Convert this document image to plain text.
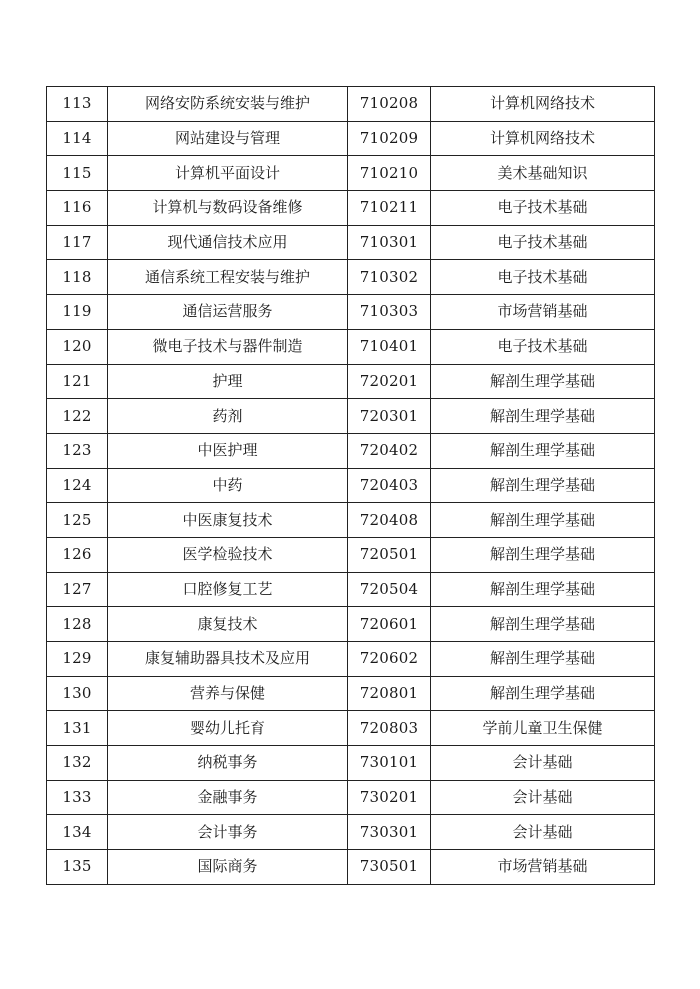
113	网络安防系统安装与维护	710208	计算机网络技术
114	网站建设与管理	710209	计算机网络技术
115	计算机平面设计	710210	美术基础知识
116	计算机与数码设备维修	710211	电子技术基础
117	现代通信技术应用	710301	电子技术基础
118	通信系统工程安装与维护	710302	电子技术基础
119	通信运营服务	710303	市场营销基础
120	微电子技术与器件制造	710401	电子技术基础
121	护理	720201	解剖生理学基础
122	药剂	720301	解剖生理学基础
123	中医护理	720402	解剖生理学基础
124	中药	720403	解剖生理学基础
125	中医康复技术	720408	解剖生理学基础
126	医学检验技术	720501	解剖生理学基础
127	口腔修复工艺	720504	解剖生理学基础
128	康复技术	720601	解剖生理学基础
129	康复辅助器具技术及应用	720602	解剖生理学基础
130	营养与保健	720801	解剖生理学基础
131	婴幼儿托育	720803	学前儿童卫生保健
132	纳税事务	730101	会计基础
133	金融事务	730201	会计基础
134	会计事务	730301	会计基础
135	国际商务	730501	市场营销基础
